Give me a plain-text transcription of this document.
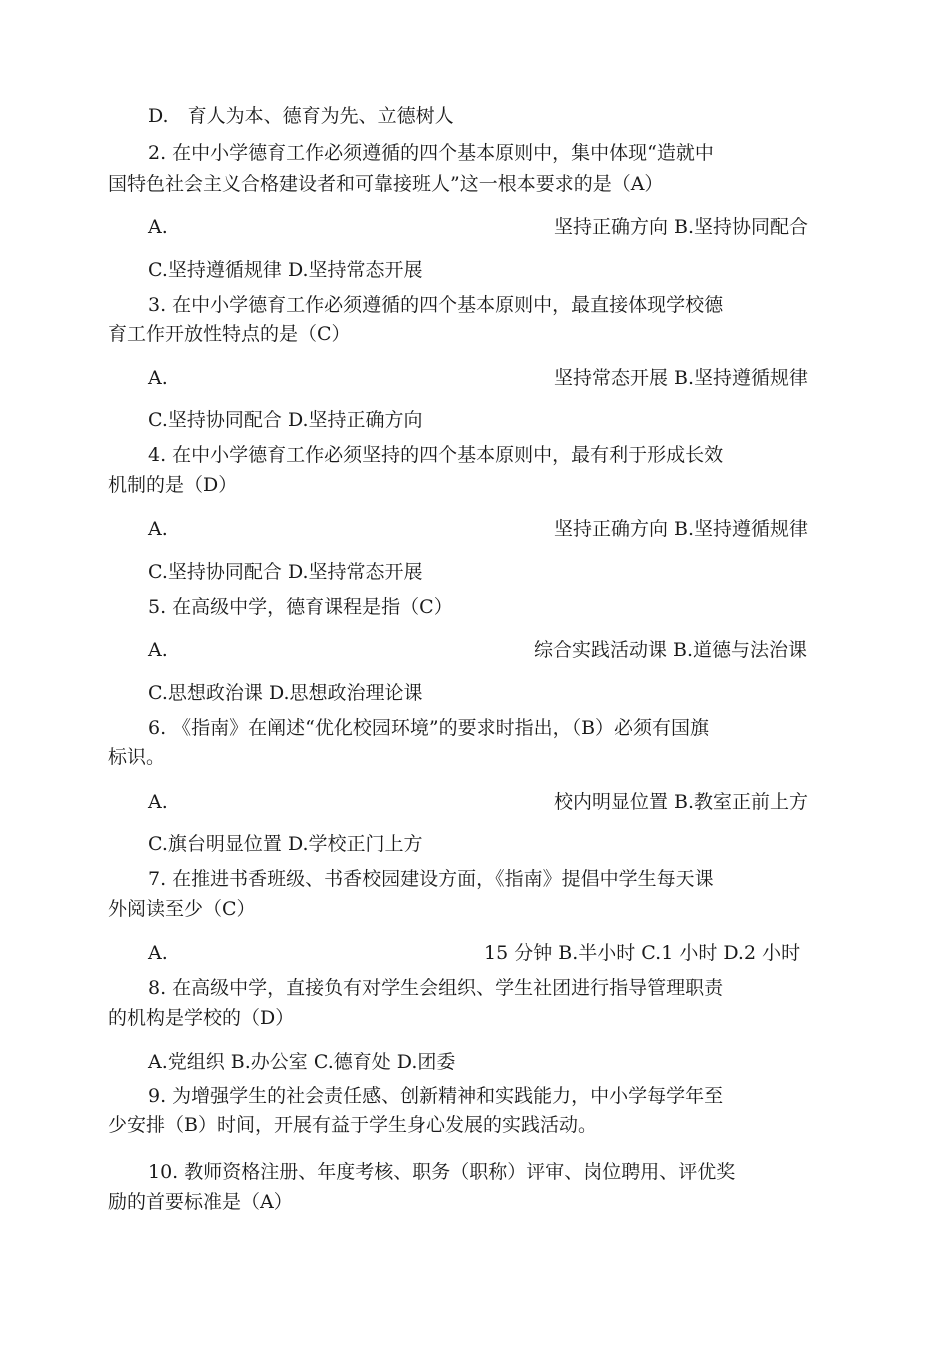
D.　育人为本、德育为先、立德树人
2. 在中小学德育工作必须遵循的四个基本原则中，集中体现“造就中
国特色社会主义合格建设者和可靠接班人”这一根本要求的是（A）
A.	坚持正确方向 B.坚持协同配合
C.坚持遵循规律 D.坚持常态开展
3. 在中小学德育工作必须遵循的四个基本原则中，最直接体现学校德
育工作开放性特点的是（C）
A.	坚持常态开展 B.坚持遵循规律
C.坚持协同配合 D.坚持正确方向
4. 在中小学德育工作必须坚持的四个基本原则中，最有利于形成长效
机制的是（D）
A.	坚持正确方向 B.坚持遵循规律
C.坚持协同配合 D.坚持常态开展
5. 在高级中学，德育课程是指（C）
A.	综合实践活动课 B.道德与法治课
C.思想政治课 D.思想政治理论课
6. 《指南》在阐述“优化校园环境”的要求时指出，（B）必须有国旗
标识。
A.	校内明显位置 B.教室正前上方
C.旗台明显位置 D.学校正门上方
7. 在推进书香班级、书香校园建设方面，《指南》提倡中学生每天课
外阅读至少（C）
A.	15 分钟 B.半小时 C.1 小时 D.2 小时
8. 在高级中学，直接负有对学生会组织、学生社团进行指导管理职责
的机构是学校的（D）
A.党组织 B.办公室 C.德育处 D.团委
9. 为增强学生的社会责任感、创新精神和实践能力，中小学每学年至
少安排（B）时间，开展有益于学生身心发展的实践活动。
10. 教师资格注册、年度考核、职务（职称）评审、岗位聘用、评优奖
励的首要标准是（A）
